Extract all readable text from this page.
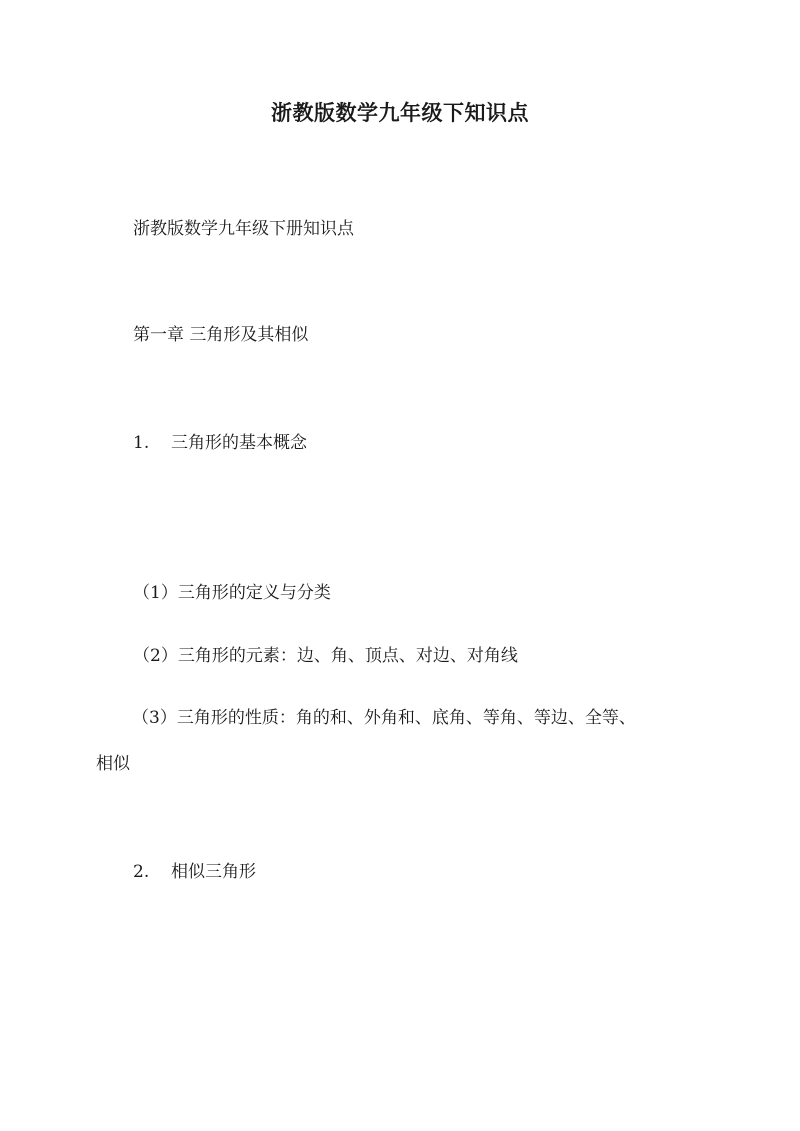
浙教版数学九年级下知识点
浙教版数学九年级下册知识点
第一章 三角形及其相似
1. 三角形的基本概念
（1）三角形的定义与分类
（2）三角形的元素：边、角、顶点、对边、对角线
（3）三角形的性质：角的和、外角和、底角、等角、等边、全等、
相似
2. 相似三角形
